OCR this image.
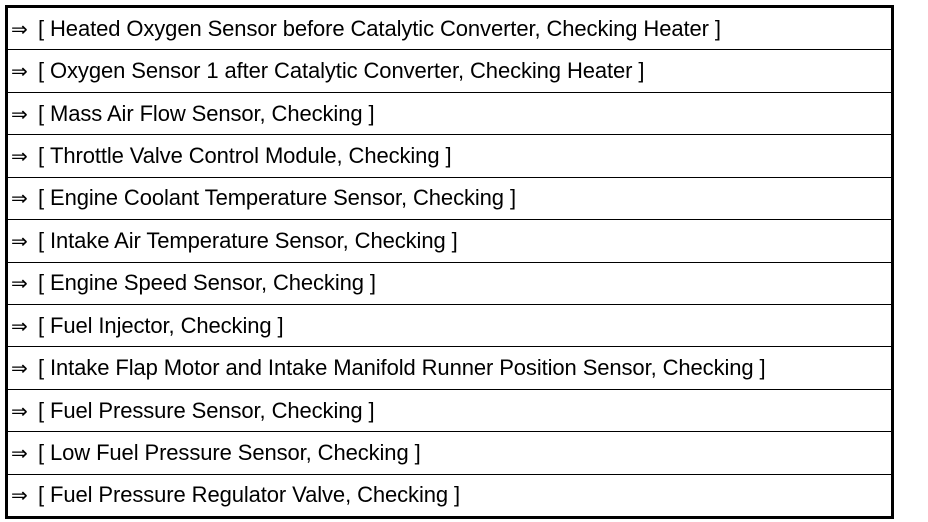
⇒ [ Heated Oxygen Sensor before Catalytic Converter, Checking Heater ]
⇒ [ Oxygen Sensor 1 after Catalytic Converter, Checking Heater ]
⇒ [ Mass Air Flow Sensor, Checking ]
⇒ [ Throttle Valve Control Module, Checking ]
⇒ [ Engine Coolant Temperature Sensor, Checking ]
⇒ [ Intake Air Temperature Sensor, Checking ]
⇒ [ Engine Speed Sensor, Checking ]
⇒ [ Fuel Injector, Checking ]
⇒ [ Intake Flap Motor and Intake Manifold Runner Position Sensor, Checking ]
⇒ [ Fuel Pressure Sensor, Checking ]
⇒ [ Low Fuel Pressure Sensor, Checking ]
⇒ [ Fuel Pressure Regulator Valve, Checking ]
